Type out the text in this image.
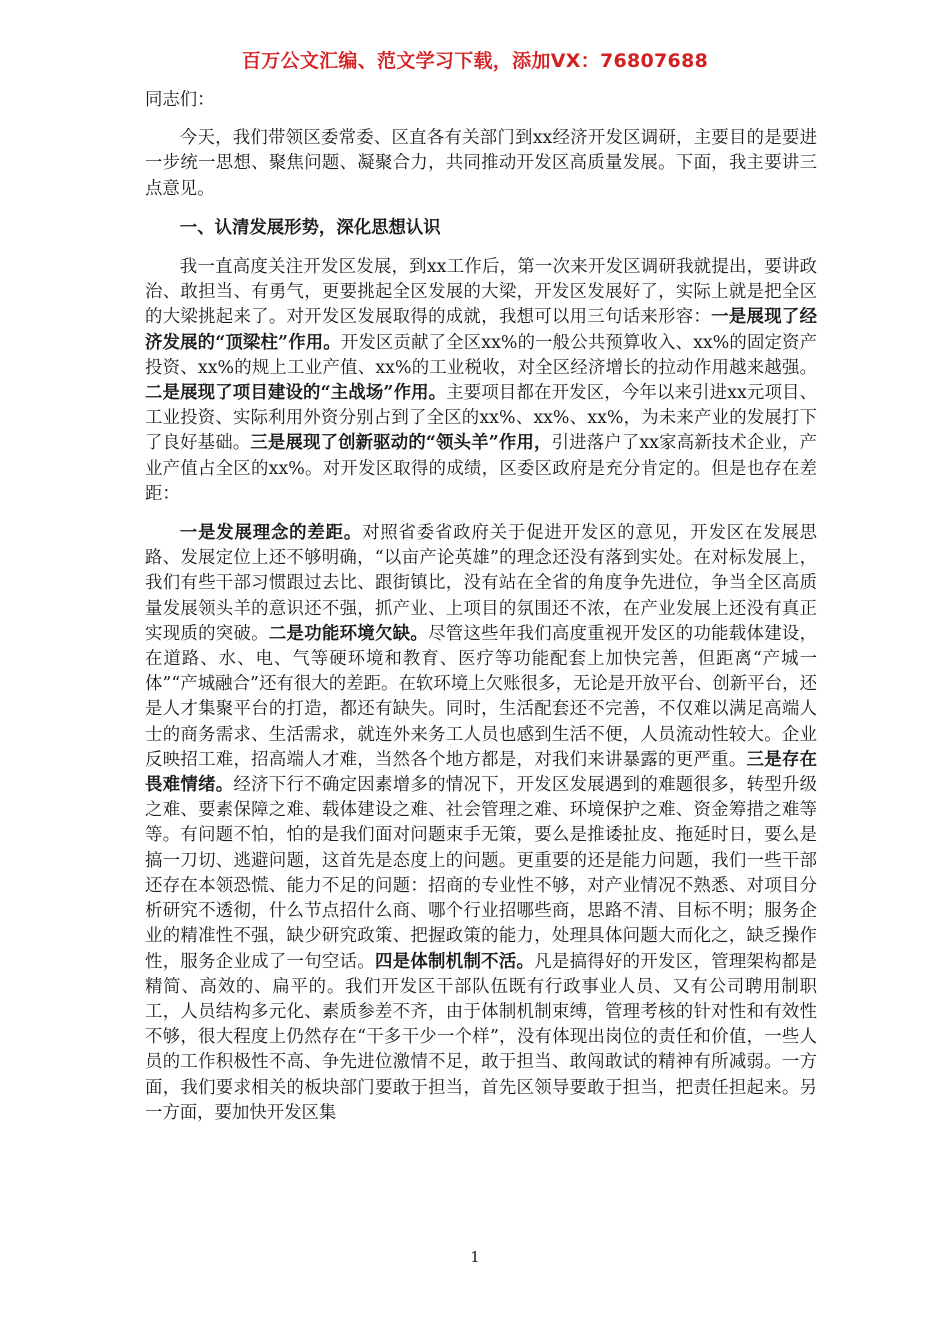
百万公文汇编、范文学习下载，添加VX：76807688

同志们：

今天，我们带领区委常委、区直各有关部门到xx经济开发区调研，主要目的是要进一步统一思想、聚焦问题、凝聚合力，共同推动开发区高质量发展。下面，我主要讲三点意见。

一、认清发展形势，深化思想认识

我一直高度关注开发区发展，到xx工作后，第一次来开发区调研我就提出，要讲政治、敢担当、有勇气，更要挑起全区发展的大梁，开发区发展好了，实际上就是把全区的大梁挑起来了。对开发区发展取得的成就，我想可以用三句话来形容：一是展现了经济发展的“顶梁柱”作用。开发区贡献了全区xx%的一般公共预算收入、xx%的固定资产投资、xx%的规上工业产值、xx%的工业税收，对全区经济增长的拉动作用越来越强。二是展现了项目建设的“主战场”作用。主要项目都在开发区，今年以来引进xx元项目、工业投资、实际利用外资分别占到了全区的xx%、xx%、xx%，为未来产业的发展打下了良好基础。三是展现了创新驱动的“领头羊”作用，引进落户了xx家高新技术企业，产业产值占全区的xx%。对开发区取得的成绩，区委区政府是充分肯定的。但是也存在差距：

一是发展理念的差距。对照省委省政府关于促进开发区的意见，开发区在发展思路、发展定位上还不够明确，“以亩产论英雄”的理念还没有落到实处。在对标发展上，我们有些干部习惯跟过去比、跟街镇比，没有站在全省的角度争先进位，争当全区高质量发展领头羊的意识还不强，抓产业、上项目的氛围还不浓，在产业发展上还没有真正实现质的突破。二是功能环境欠缺。尽管这些年我们高度重视开发区的功能载体建设，在道路、水、电、气等硬环境和教育、医疗等功能配套上加快完善，但距离“产城一体”“产城融合”还有很大的差距。在软环境上欠账很多，无论是开放平台、创新平台，还是人才集聚平台的打造，都还有缺失。同时，生活配套还不完善，不仅难以满足高端人士的商务需求、生活需求，就连外来务工人员也感到生活不便，人员流动性较大。企业反映招工难，招高端人才难，当然各个地方都是，对我们来讲暴露的更严重。三是存在畏难情绪。经济下行不确定因素增多的情况下，开发区发展遇到的难题很多，转型升级之难、要素保障之难、载体建设之难、社会管理之难、环境保护之难、资金筹措之难等等。有问题不怕，怕的是我们面对问题束手无策，要么是推诿扯皮、拖延时日，要么是搞一刀切、逃避问题，这首先是态度上的问题。更重要的还是能力问题，我们一些干部还存在本领恐慌、能力不足的问题：招商的专业性不够，对产业情况不熟悉、对项目分析研究不透彻，什么节点招什么商、哪个行业招哪些商，思路不清、目标不明；服务企业的精准性不强，缺少研究政策、把握政策的能力，处理具体问题大而化之，缺乏操作性，服务企业成了一句空话。四是体制机制不活。凡是搞得好的开发区，管理架构都是精简、高效的、扁平的。我们开发区干部队伍既有行政事业人员、又有公司聘用制职工，人员结构多元化、素质参差不齐，由于体制机制束缚，管理考核的针对性和有效性不够，很大程度上仍然存在“干多干少一个样”，没有体现出岗位的责任和价值，一些人员的工作积极性不高、争先进位激情不足，敢于担当、敢闯敢试的精神有所减弱。一方面，我们要求相关的板块部门要敢于担当，首先区领导要敢于担当，把责任担起来。另一方面，要加快开发区集

1
